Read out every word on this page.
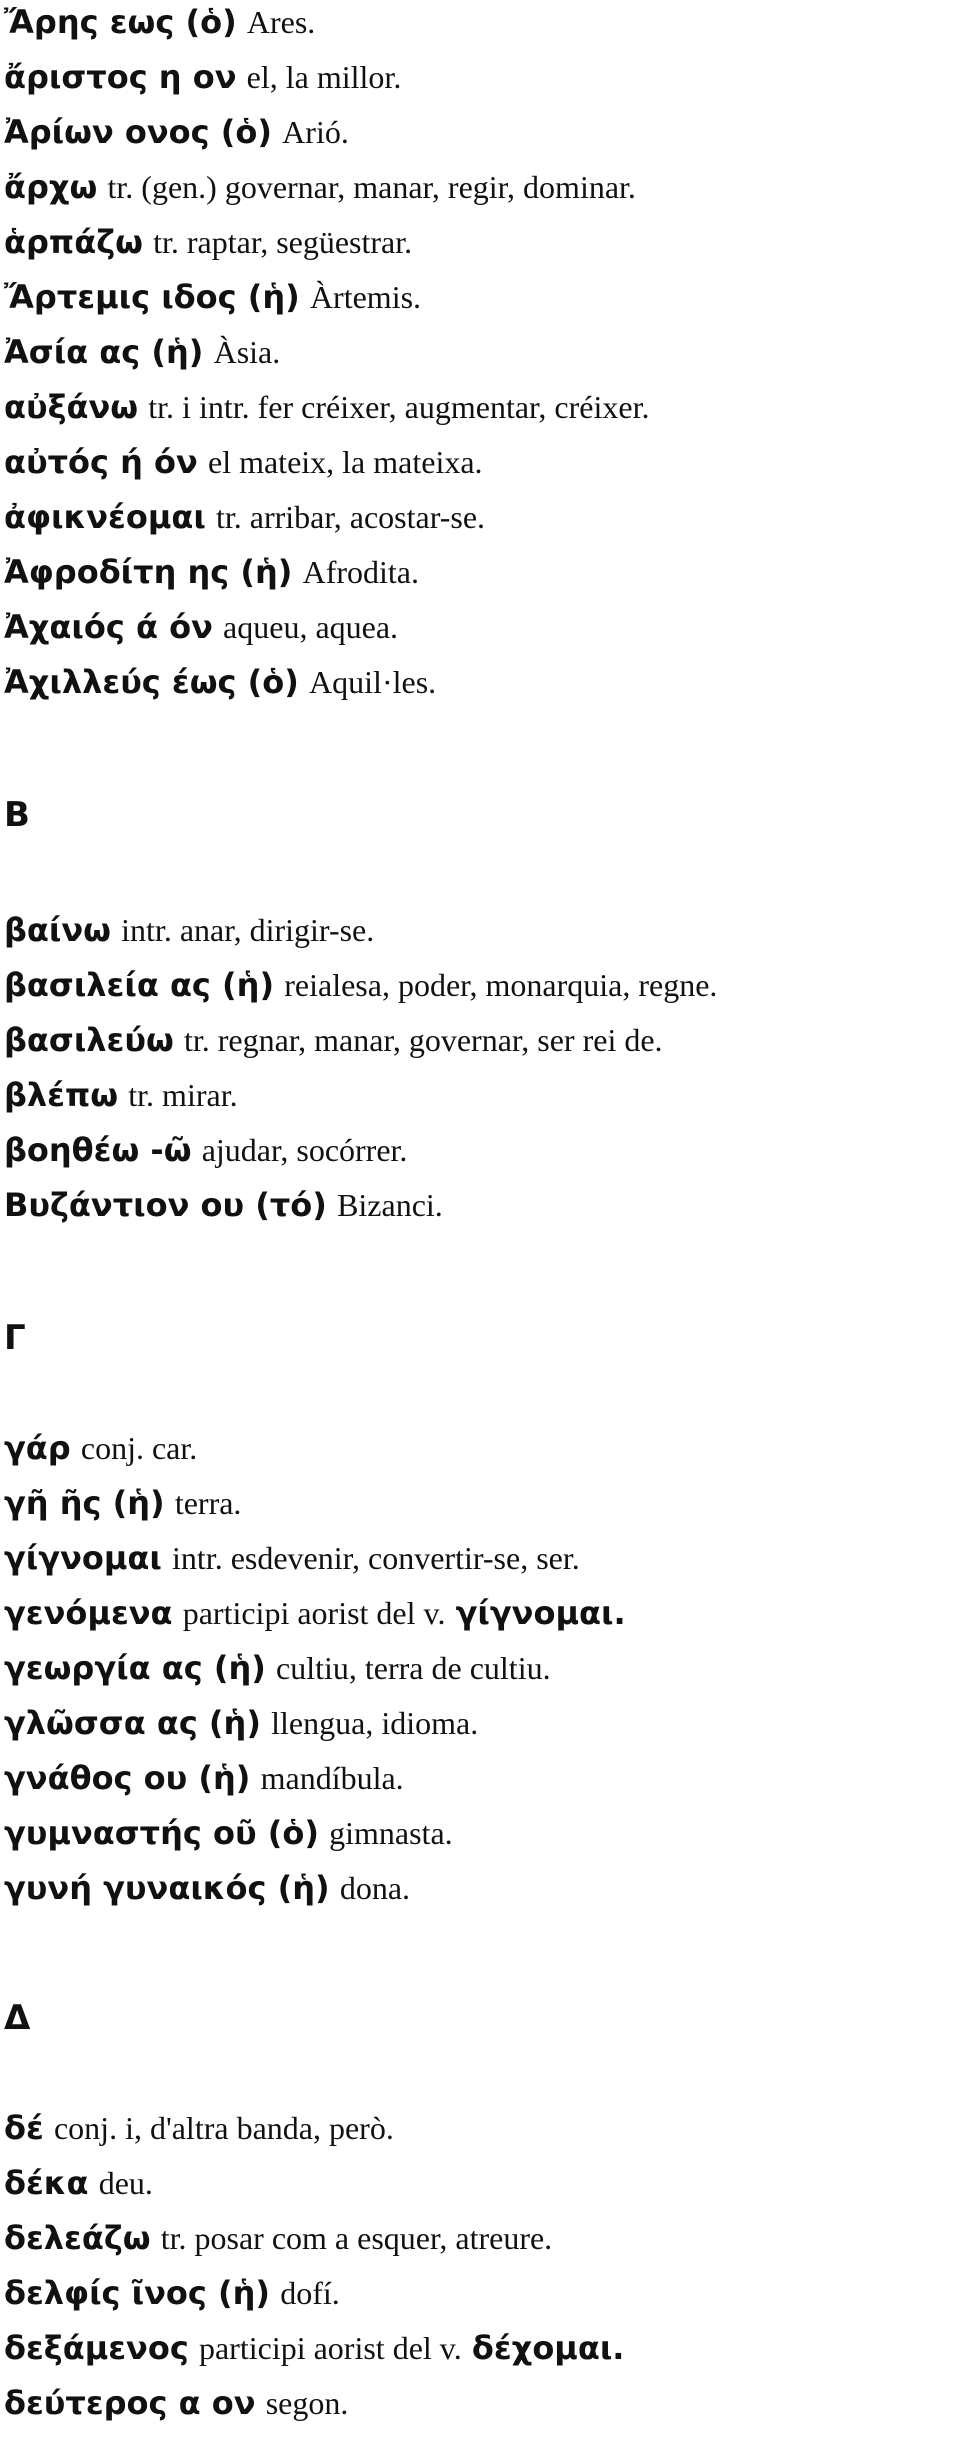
Ἄρης εως (ὁ) Ares.
ἄριστος η ον el, la millor.
Ἀρίων ονος (ὁ) Arió.
ἄρχω tr. (gen.) governar, manar, regir, dominar.
ἁρπάζω tr. raptar, següestrar.
Ἄρτεμις ιδος (ἡ) Àrtemis.
Ἀσία ας (ἡ) Àsia.
αὐξάνω tr. i intr. fer créixer, augmentar, créixer.
αὐτός ή όν el mateix, la mateixa.
ἀφικνέομαι tr. arribar, acostar-se.
Ἀφροδίτη ης (ἡ) Afrodita.
Ἀχαιός ά όν aqueu, aquea.
Ἀχιλλεύς έως (ὁ) Aquil·les.
Β
βαίνω intr. anar, dirigir-se.
βασιλεία ας (ἡ) reialesa, poder, monarquia, regne.
βασιλεύω tr. regnar, manar, governar, ser rei de.
βλέπω tr. mirar.
βοηθέω -ῶ ajudar, socórrer.
Βυζάντιον ου (τό) Bizanci.
Γ
γάρ conj. car.
γῆ ῆς (ἡ) terra.
γίγνομαι intr. esdevenir, convertir-se, ser.
γενόμενα participi aorist del v. γίγνομαι.
γεωργία ας (ἡ) cultiu, terra de cultiu.
γλῶσσα ας (ἡ) llengua, idioma.
γνάθος ου (ἡ) mandíbula.
γυμναστής οῦ (ὁ) gimnasta.
γυνή γυναικός (ἡ) dona.
Δ
δέ conj. i, d'altra banda, però.
δέκα deu.
δελεάζω tr. posar com a esquer, atreure.
δελφίς ῖνος (ἡ) dofí.
δεξάμενος participi aorist del v. δέχομαι.
δεύτερος α ον segon.
